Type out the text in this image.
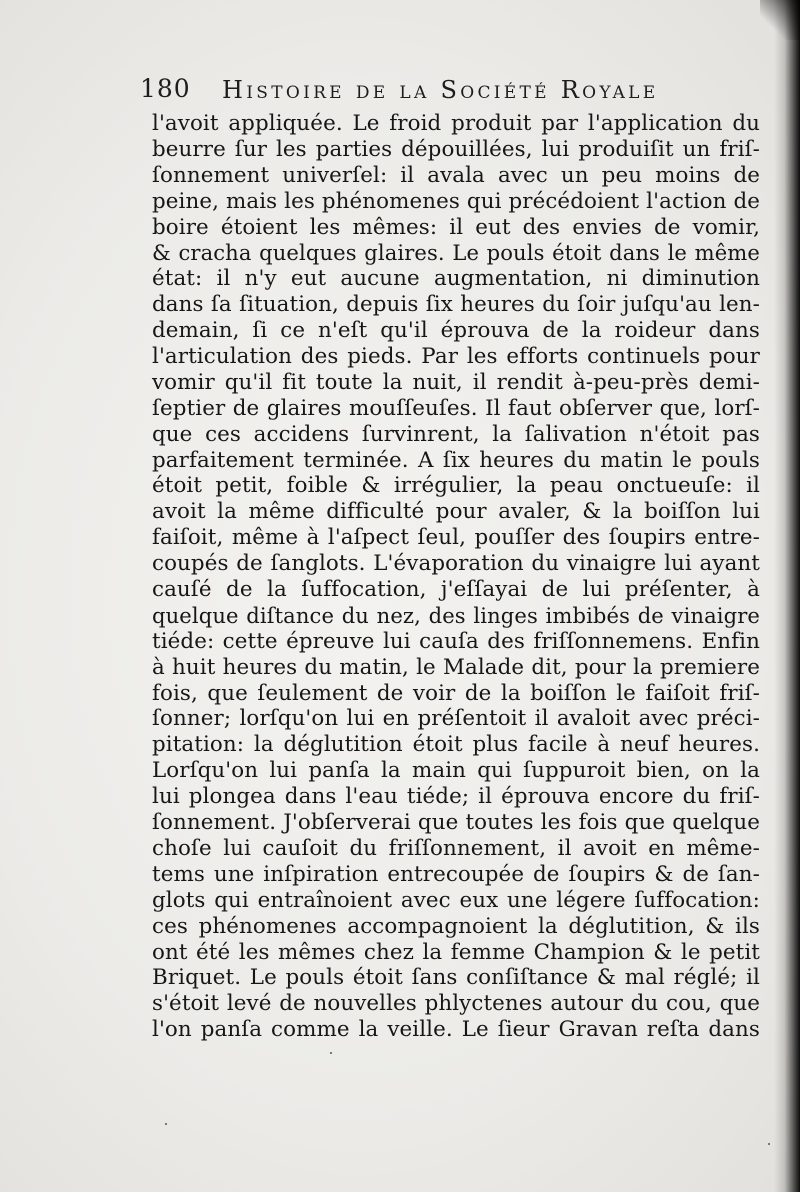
180 Histoire de la Société Royale
l'avoit appliquée. Le froid produit par l'application du
beurre ſur les parties dépouillées, lui produiſit un friſ-
ſonnement univerſel: il avala avec un peu moins de
peine, mais les phénomenes qui précédoient l'action de
boire étoient les mêmes: il eut des envies de vomir,
& cracha quelques glaires. Le pouls étoit dans le même
état: il n'y eut aucune augmentation, ni diminution
dans ſa ſituation, depuis ſix heures du ſoir juſqu'au len-
demain, ſi ce n'eſt qu'il éprouva de la roideur dans
l'articulation des pieds. Par les efforts continuels pour
vomir qu'il fit toute la nuit, il rendit à-peu-près demi-
ſeptier de glaires mouſſeuſes. Il faut obſerver que, lorſ-
que ces accidens ſurvinrent, la ſalivation n'étoit pas
parfaitement terminée. A ſix heures du matin le pouls
étoit petit, foible & irrégulier, la peau onctueuſe: il
avoit la même difficulté pour avaler, & la boiſſon lui
faiſoit, même à l'aſpect ſeul, pouſſer des ſoupirs entre-
coupés de ſanglots. L'évaporation du vinaigre lui ayant
cauſé de la ſuffocation, j'eſſayai de lui préſenter, à
quelque diſtance du nez, des linges imbibés de vinaigre
tiéde: cette épreuve lui cauſa des friſſonnemens. Enfin
à huit heures du matin, le Malade dit, pour la premiere
fois, que ſeulement de voir de la boiſſon le faiſoit friſ-
ſonner; lorſqu'on lui en préſentoit il avaloit avec préci-
pitation: la déglutition étoit plus facile à neuf heures.
Lorſqu'on lui panſa la main qui ſuppuroit bien, on la
lui plongea dans l'eau tiéde; il éprouva encore du friſ-
ſonnement. J'obſerverai que toutes les fois que quelque
choſe lui cauſoit du friſſonnement, il avoit en même-
tems une inſpiration entrecoupée de ſoupirs & de ſan-
glots qui entraînoient avec eux une légere ſuffocation:
ces phénomenes accompagnoient la déglutition, & ils
ont été les mêmes chez la femme Champion & le petit
Briquet. Le pouls étoit ſans conſiſtance & mal réglé; il
s'étoit levé de nouvelles phlyctenes autour du cou, que
l'on panſa comme la veille. Le ſieur Gravan reſta dans
